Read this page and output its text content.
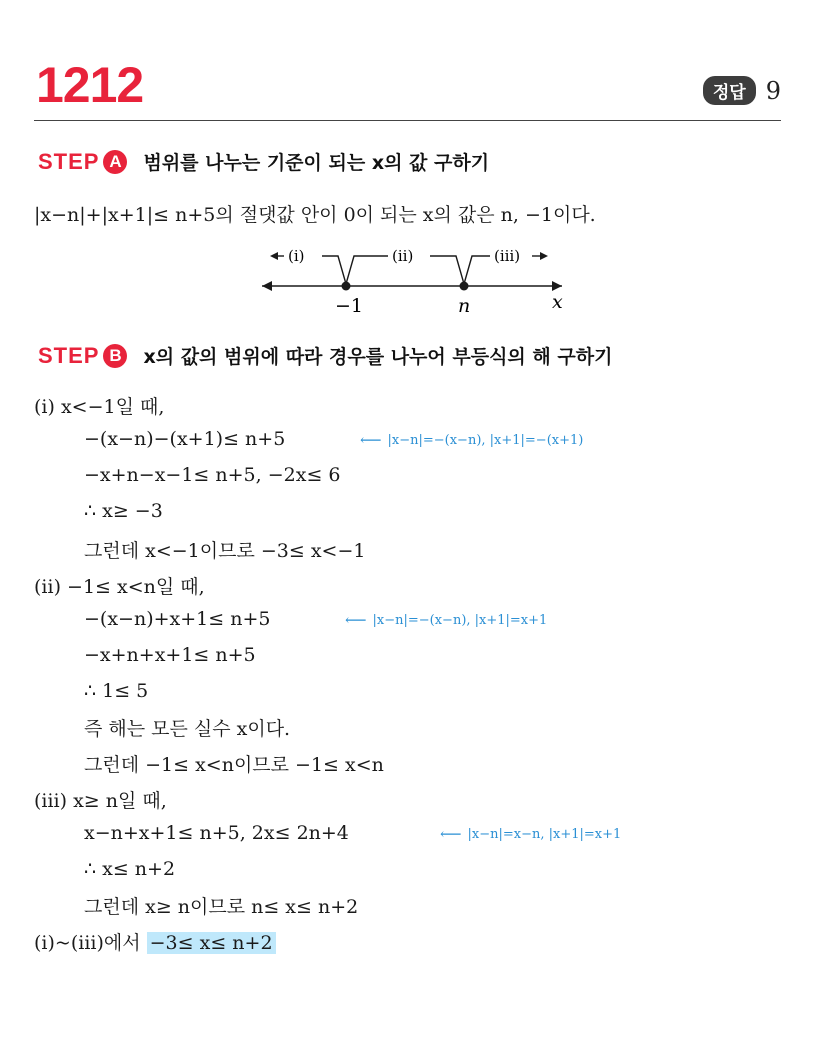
1212	정답 9
STEP A	범위를 나누는 기준이 되는 x의 값 구하기
|x−n|+|x+1|≤ n+5의 절댓값 안이 0이 되는 x의 값은 n, −1이다.
(ⅰ)	(ⅱ)	(ⅲ)
−1	n	x
STEP B	x의 값의 범위에 따라 경우를 나누어 부등식의 해 구하기
(ⅰ) x<−1일 때,
−(x−n)−(x+1)≤ n+5	⟵ |x−n|=−(x−n), |x+1|=−(x+1)
−x+n−x−1≤ n+5, −2x≤ 6
∴ x≥ −3
그런데 x<−1이므로 −3≤ x<−1
(ⅱ) −1≤ x<n일 때,
−(x−n)+x+1≤ n+5	⟵ |x−n|=−(x−n), |x+1|=x+1
−x+n+x+1≤ n+5
∴ 1≤ 5
즉 해는 모든 실수 x이다.
그런데 −1≤ x<n이므로 −1≤ x<n
(ⅲ) x≥ n일 때,
x−n+x+1≤ n+5, 2x≤ 2n+4	⟵ |x−n|=x−n, |x+1|=x+1
∴ x≤ n+2
그런데 x≥ n이므로 n≤ x≤ n+2
(ⅰ)~(ⅲ)에서 −3≤ x≤ n+2
